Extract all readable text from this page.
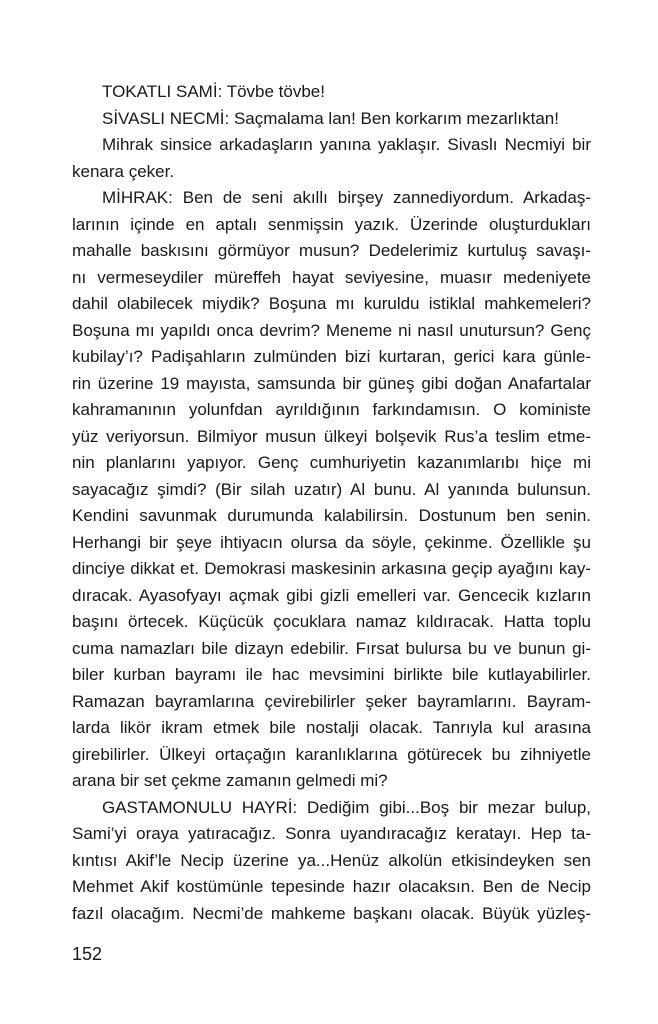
TOKATLI SAMİ: Tövbe tövbe!
SİVASLI NECMİ: Saçmalama lan! Ben korkarım mezarlıktan!
Mihrak sinsice arkadaşların yanına yaklaşır. Sivaslı Necmiyi bir
kenara çeker.
MİHRAK: Ben de seni akıllı birşey zannediyordum. Arkadaş-
larının içinde en aptalı senmişsin yazık. Üzerinde oluşturdukları
mahalle baskısını görmüyor musun? Dedelerimiz kurtuluş savaşı-
nı vermeseydiler müreffeh hayat seviyesine, muasır medeniyete
dahil olabilecek miydik? Boşuna mı kuruldu istiklal mahkemeleri?
Boşuna mı yapıldı onca devrim? Meneme ni nasıl unutursun? Genç
kubilay’ı? Padişahların zulmünden bizi kurtaran, gerici kara günle-
rin üzerine 19 mayısta, samsunda bir güneş gibi doğan Anafartalar
kahramanının yolunfdan ayrıldığının farkındamısın. O koministe
yüz veriyorsun. Bilmiyor musun ülkeyi bolşevik Rus’a teslim etme-
nin planlarını yapıyor. Genç cumhuriyetin kazanımlarıbı hiçe mi
sayacağız şimdi? (Bir silah uzatır) Al bunu. Al yanında bulunsun.
Kendini savunmak durumunda kalabilirsin. Dostunum ben senin.
Herhangi bir şeye ihtiyacın olursa da söyle, çekinme. Özellikle şu
dinciye dikkat et. Demokrasi maskesinin arkasına geçip ayağını kay-
dıracak. Ayasofyayı açmak gibi gizli emelleri var. Gencecik kızların
başını örtecek. Küçücük çocuklara namaz kıldıracak. Hatta toplu
cuma namazları bile dizayn edebilir. Fırsat bulursa bu ve bunun gi-
biler kurban bayramı ile hac mevsimini birlikte bile kutlayabilirler.
Ramazan bayramlarına çevirebilirler şeker bayramlarını. Bayram-
larda likör ikram etmek bile nostalji olacak. Tanrıyla kul arasına
girebilirler. Ülkeyi ortaçağın karanlıklarına götürecek bu zihniyetle
arana bir set çekme zamanın gelmedi mi?
GASTAMONULU HAYRİ: Dediğim gibi...Boş bir mezar bulup,
Sami’yi oraya yatıracağız. Sonra uyandıracağız keratayı. Hep ta-
kıntısı Akif’le Necip üzerine ya...Henüz alkolün etkisindeyken sen
Mehmet Akif kostümünle tepesinde hazır olacaksın. Ben de Necip
fazıl olacağım. Necmi’de mahkeme başkanı olacak. Büyük yüzleş-
152
